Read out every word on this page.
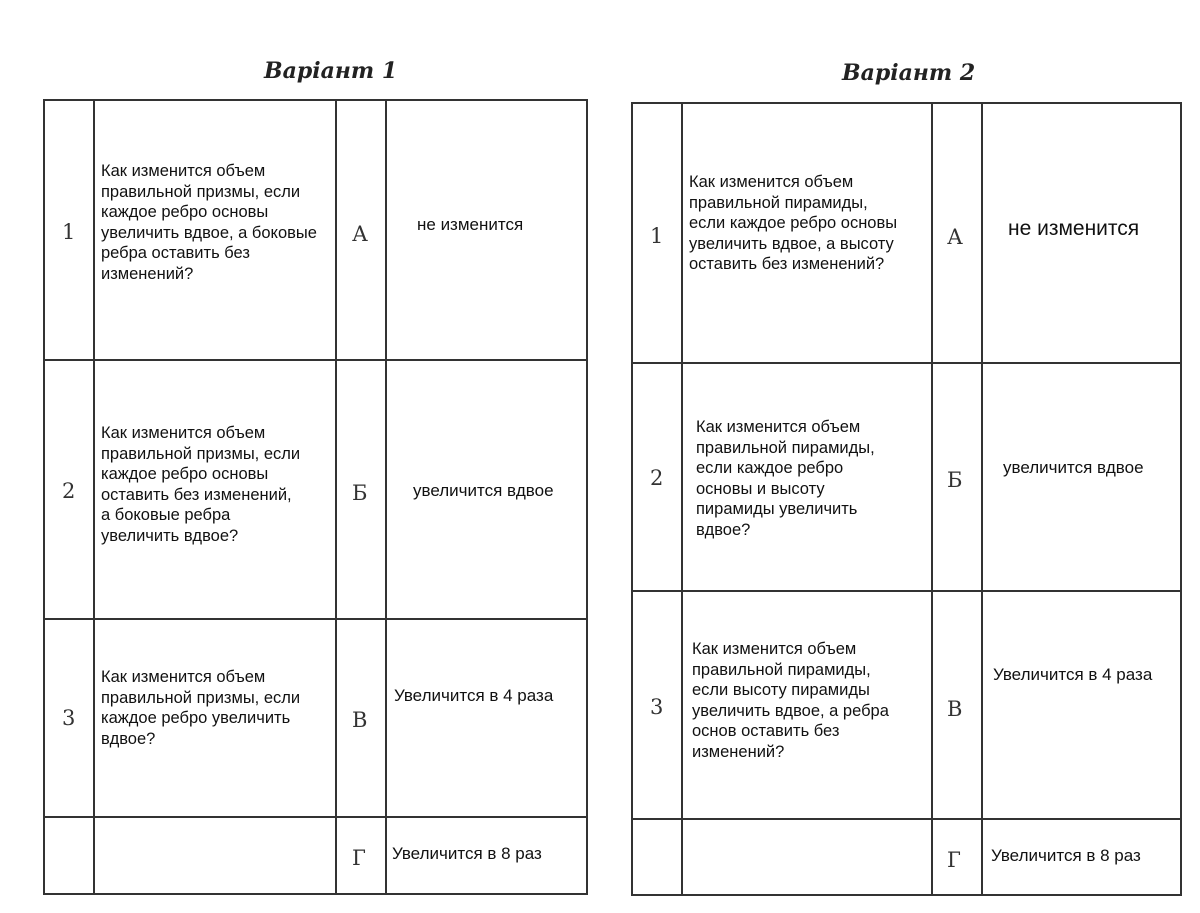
Варіант 1
1
Как изменится объем
правильной призмы, если
каждое ребро основы
увеличить вдвое, а боковые
ребра оставить без
изменений?
А	не изменится
2
Как изменится объем
правильной призмы, если
каждое ребро основы
оставить без изменений,
а боковые ребра
увеличить вдвое?
Б	увеличится вдвое
3
Как изменится объем
правильной призмы, если
каждое ребро увеличить
вдвое?
В
Увеличится в 4 раза
Г Увеличится в 8 раз
Варіант 2
1
Как изменится объем
правильной пирамиды,
если каждое ребро основы
увеличить вдвое, а высоту
оставить без изменений?
А не изменится
2
Как изменится объем
правильной пирамиды,
если каждое ребро
основы и высоту
пирамиды увеличить
вдвое?
Б
увеличится вдвое
3
Как изменится объем
правильной пирамиды,
если высоту пирамиды
увеличить вдвое, а ребра
основ оставить без
изменений?
В
Увеличится в 4 раза
Г Увеличится в 8 раз
